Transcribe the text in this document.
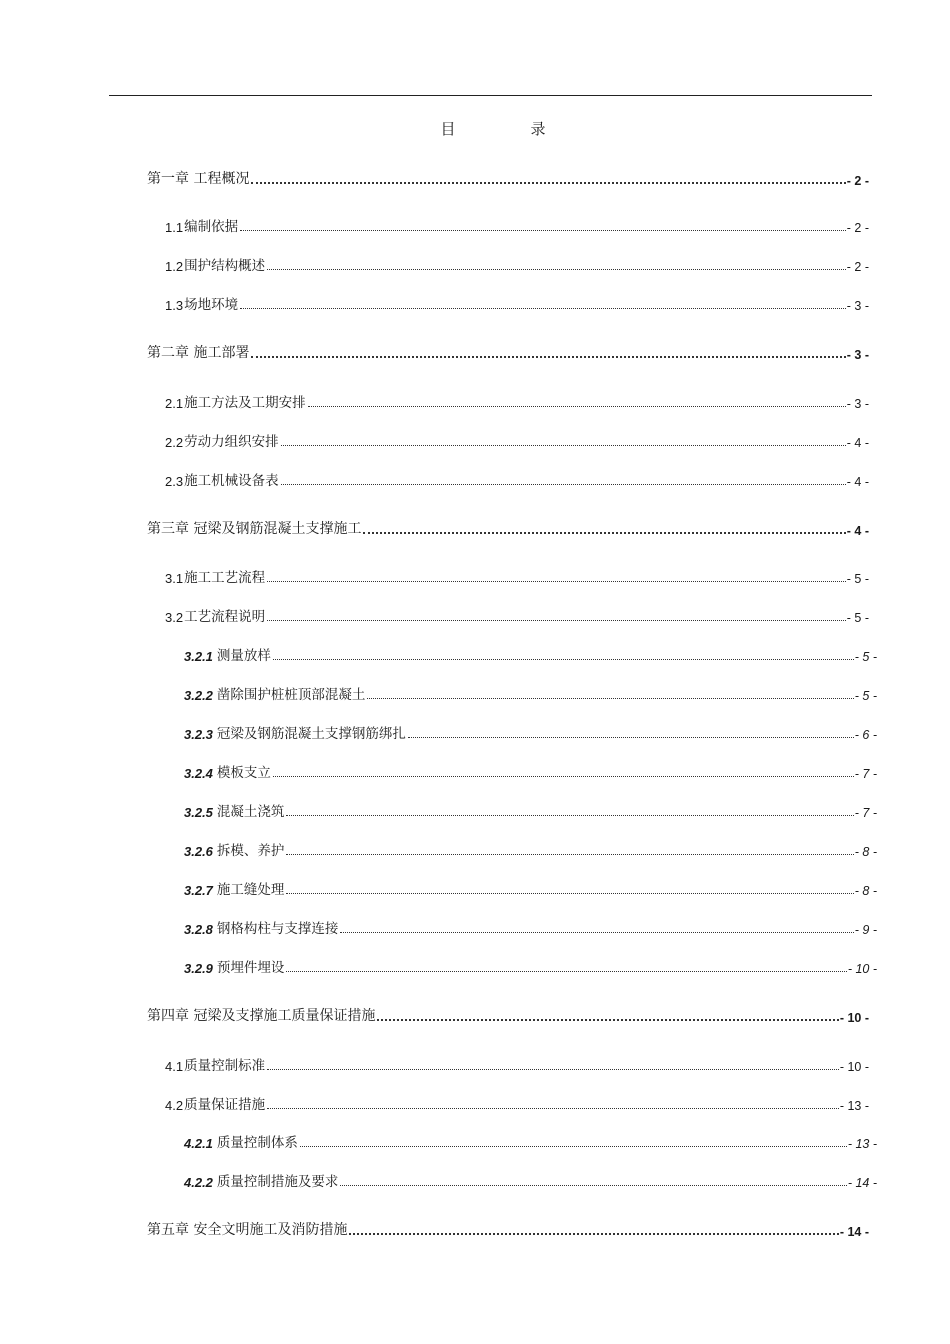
目　录
第一章 工程概况	- 2 -
1.1 编制依据	- 2 -
1.2 围护结构概述	- 2 -
1.3 场地环境	- 3 -
第二章 施工部署	- 3 -
2.1 施工方法及工期安排	- 3 -
2.2 劳动力组织安排	- 4 -
2.3 施工机械设备表	- 4 -
第三章 冠梁及钢筋混凝土支撑施工	- 4 -
3.1 施工工艺流程	- 5 -
3.2 工艺流程说明	- 5 -
3.2.1 测量放样	- 5 -
3.2.2 凿除围护桩桩顶部混凝土	- 5 -
3.2.3 冠梁及钢筋混凝土支撑钢筋绑扎	- 6 -
3.2.4 模板支立	- 7 -
3.2.5 混凝土浇筑	- 7 -
3.2.6 拆模、养护	- 8 -
3.2.7 施工缝处理	- 8 -
3.2.8 钢格构柱与支撑连接	- 9 -
3.2.9 预埋件埋设	- 10 -
第四章 冠梁及支撑施工质量保证措施	- 10 -
4.1 质量控制标准	- 10 -
4.2 质量保证措施	- 13 -
4.2.1 质量控制体系	- 13 -
4.2.2 质量控制措施及要求	- 14 -
第五章 安全文明施工及消防措施	- 14 -
